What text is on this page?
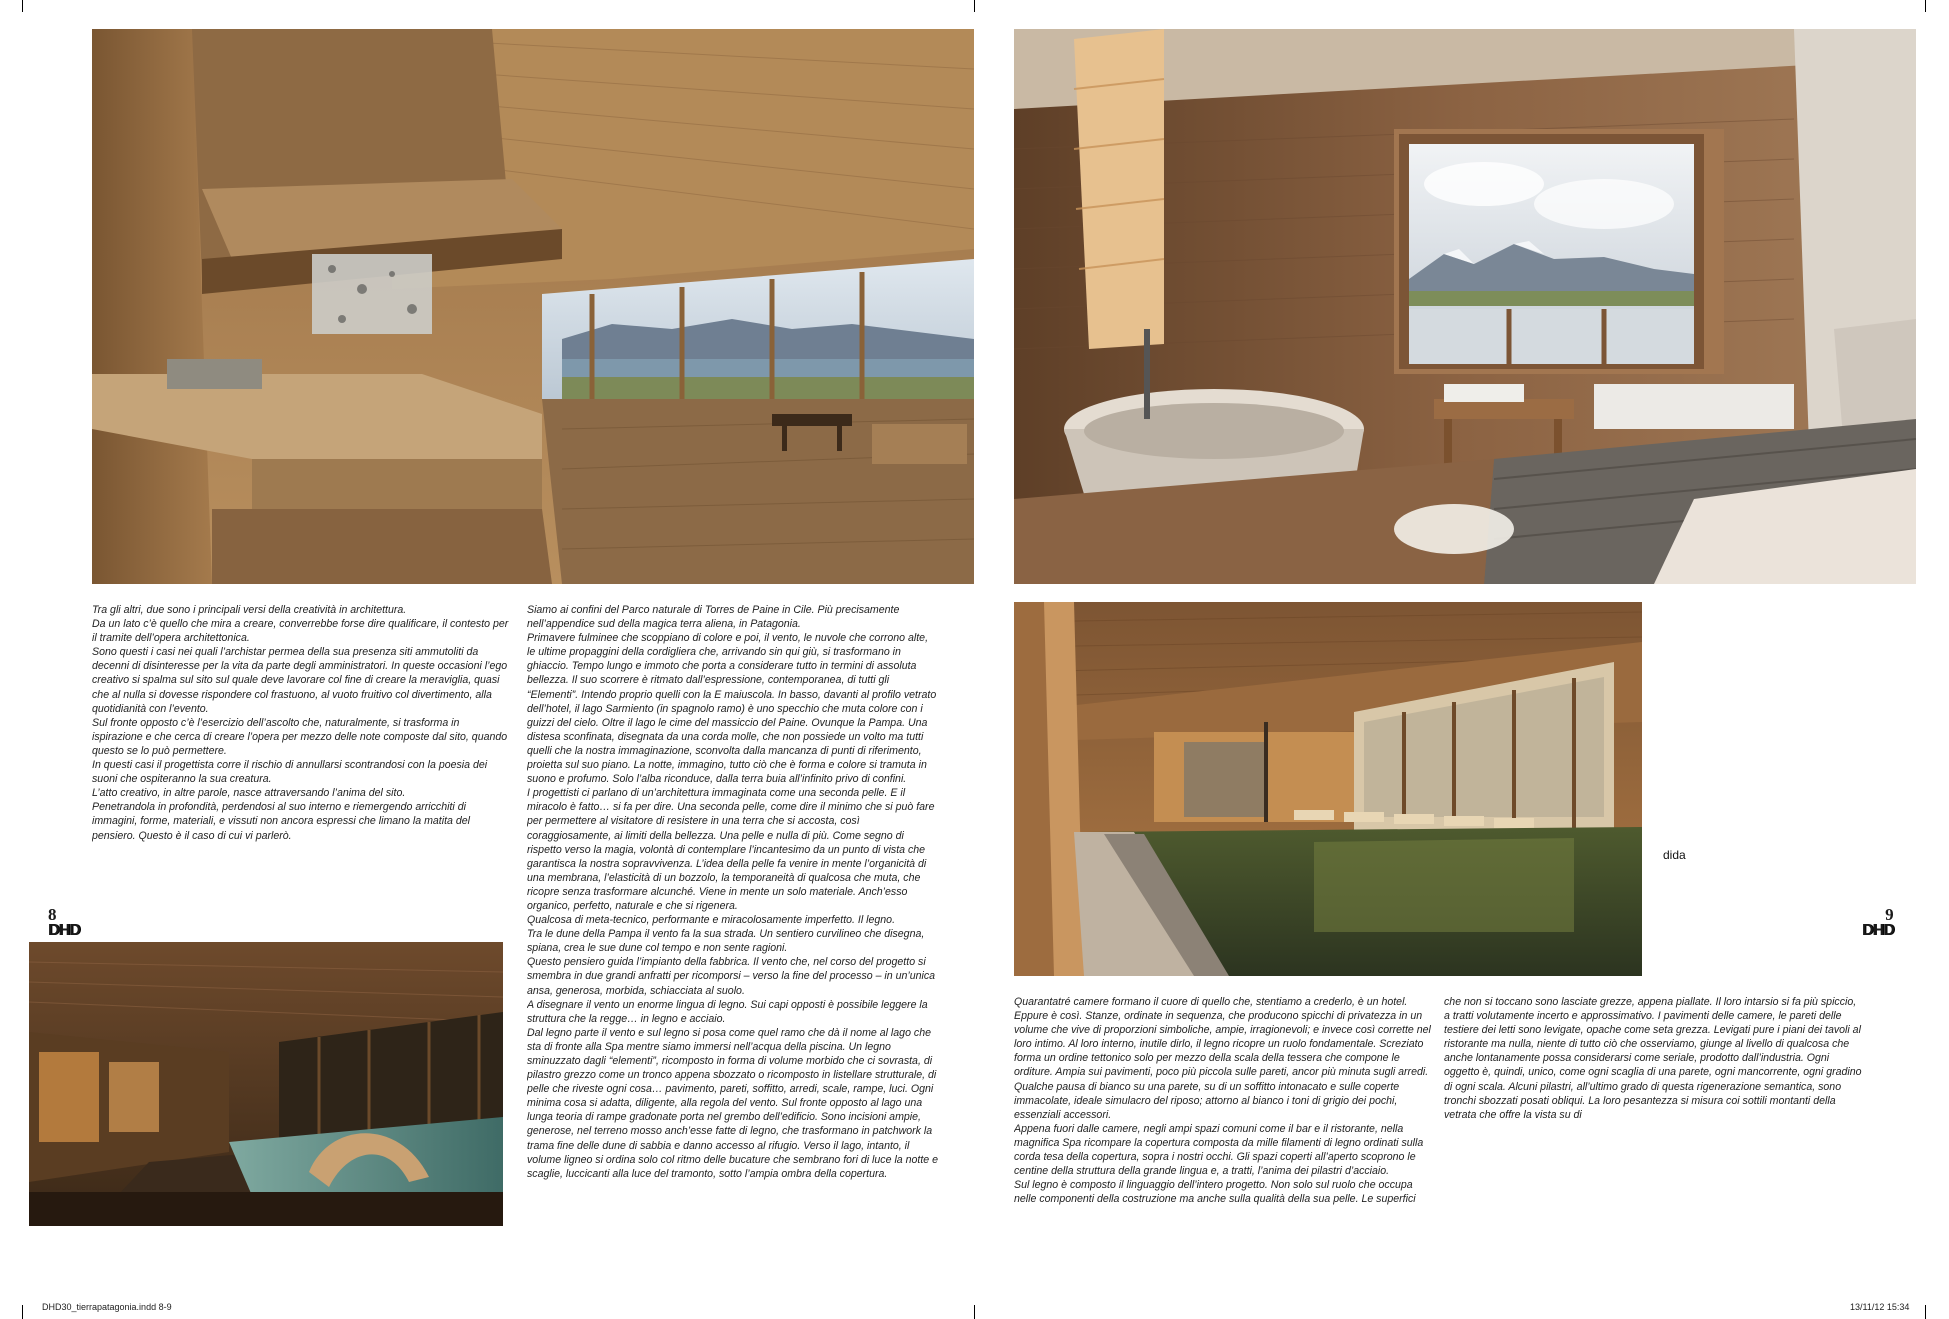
Tra gli altri, due sono i principali versi della creatività in architettura.

Da un lato c’è quello che mira a creare, converrebbe forse dire qualificare, il contesto per il tramite dell’opera architettonica.

Sono questi i casi nei quali l’archistar permea della sua presenza siti ammutoliti da decenni di disinteresse per la vita da parte degli amministratori. In queste occasioni l’ego creativo si spalma sul sito sul quale deve lavorare col fine di creare la meraviglia, quasi che al nulla si dovesse rispondere col frastuono, al vuoto fruitivo col divertimento, alla quotidianità con l’evento.

Sul fronte opposto c’è l’esercizio dell’ascolto che, naturalmente, si trasforma in ispirazione e che cerca di creare l’opera per mezzo delle note composte dal sito, quando questo se lo può permettere.

In questi casi il progettista corre il rischio di annullarsi scontrandosi con la poesia dei suoni che ospiteranno la sua creatura.

L’atto creativo, in altre parole, nasce attraversando l’anima del sito.

Penetrandola in profondità, perdendosi al suo interno e riemergendo arricchiti di immagini, forme, materiali, e vissuti non ancora espressi che limano la matita del pensiero. Questo è il caso di cui vi parlerò.

Siamo ai confini del Parco naturale di Torres de Paine in Cile. Più precisamente nell’appendice sud della magica terra aliena, in Patagonia.

Primavere fulminee che scoppiano di colore e poi, il vento, le nuvole che corrono alte, le ultime propaggini della cordigliera che, arrivando sin qui giù, si trasformano in ghiaccio. Tempo lungo e immoto che porta a considerare tutto in termini di assoluta bellezza. Il suo scorrere è ritmato dall’espressione, contemporanea, di tutti gli “Elementi”. Intendo proprio quelli con la E maiuscola. In basso, davanti al profilo vetrato dell’hotel, il lago Sarmiento (in spagnolo ramo) è uno specchio che muta colore con i guizzi del cielo. Oltre il lago le cime del massiccio del Paine. Ovunque la Pampa. Una distesa sconfinata, disegnata da una corda molle, che non possiede un volto ma tutti quelli che la nostra immaginazione, sconvolta dalla mancanza di punti di riferimento, proietta sul suo piano. La notte, immagino, tutto ciò che è forma e colore si tramuta in suono e profumo. Solo l’alba riconduce, dalla terra buia all’infinito privo di confini.

I progettisti ci parlano di un’architettura immaginata come una seconda pelle. E il miracolo è fatto… si fa per dire. Una seconda pelle, come dire il minimo che si può fare per permettere al visitatore di resistere in una terra che si accosta, così coraggiosamente, ai limiti della bellezza. Una pelle e nulla di più. Come segno di rispetto verso la magia, volontà di contemplare l’incantesimo da un punto di vista che garantisca la nostra sopravvivenza. L’idea della pelle fa venire in mente l’organicità di una membrana, l’elasticità di un bozzolo, la temporaneità di qualcosa che muta, che ricopre senza trasformare alcunché. Viene in mente un solo materiale. Anch’esso organico, perfetto, naturale e che si rigenera.

Qualcosa di meta-tecnico, performante e miracolosamente imperfetto. Il legno.

Tra le dune della Pampa il vento fa la sua strada. Un sentiero curvilineo che disegna, spiana, crea le sue dune col tempo e non sente ragioni.

Questo pensiero guida l’impianto della fabbrica. Il vento che, nel corso del progetto si smembra in due grandi anfratti per ricomporsi – verso la fine del processo – in un’unica ansa, generosa, morbida, schiacciata al suolo.

A disegnare il vento un enorme lingua di legno. Sui capi opposti è possibile leggere la struttura che la regge… in legno e acciaio.

Dal legno parte il vento e sul legno si posa come quel ramo che dà il nome al lago che sta di fronte alla Spa mentre siamo immersi nell’acqua della piscina. Un legno sminuzzato dagli “elementi”, ricomposto in forma di volume morbido che ci sovrasta, di pilastro grezzo come un tronco appena sbozzato o ricomposto in listellare strutturale, di pelle che riveste ogni cosa… pavimento, pareti, soffitto, arredi, scale, rampe, luci. Ogni minima cosa si adatta, diligente, alla regola del vento. Sul fronte opposto al lago una lunga teoria di rampe gradonate porta nel grembo dell’edificio. Sono incisioni ampie, generose, nel terreno mosso anch’esse fatte di legno, che trasformano in patchwork la trama fine delle dune di sabbia e danno accesso al rifugio. Verso il lago, intanto, il volume ligneo si ordina solo col ritmo delle bucature che sembrano fori di luce la notte e scaglie, luccicanti alla luce del tramonto, sotto l’ampia ombra della copertura.

Quarantatré camere formano il cuore di quello che, stentiamo a crederlo, è un hotel. Eppure è così. Stanze, ordinate in sequenza, che producono spicchi di privatezza in un volume che vive di proporzioni simboliche, ampie, irragionevoli; e invece così corrette nel loro intimo. Al loro interno, inutile dirlo, il legno ricopre un ruolo fondamentale. Screziato forma un ordine tettonico solo per mezzo della scala della tessera che compone le orditure. Ampia sui pavimenti, poco più piccola sulle pareti, ancor più minuta sugli arredi. Qualche pausa di bianco su una parete, su di un soffitto intonacato e sulle coperte immacolate, ideale simulacro del riposo; attorno al bianco i toni di grigio dei pochi, essenziali accessori.

Appena fuori dalle camere, negli ampi spazi comuni come il bar e il ristorante, nella magnifica Spa ricompare la copertura composta da mille filamenti di legno ordinati sulla corda tesa della copertura, sopra i nostri occhi. Gli spazi coperti all’aperto scoprono le centine della struttura della grande lingua e, a tratti, l’anima dei pilastri d’acciaio.

Sul legno è composto il linguaggio dell’intero progetto. Non solo sul ruolo che occupa nelle componenti della costruzione ma anche sulla qualità della sua pelle. Le superfici

che non si toccano sono lasciate grezze, appena piallate. Il loro intarsio si fa più spiccio, a tratti volutamente incerto e approssimativo. I pavimenti delle camere, le pareti delle testiere dei letti sono levigate, opache come seta grezza. Levigati pure i piani dei tavoli al ristorante ma nulla, niente di tutto ciò che osserviamo, giunge al livello di qualcosa che anche lontanamente possa considerarsi come seriale, prodotto dall’industria. Ogni oggetto è, quindi, unico, come ogni scaglia di una parete, ogni mancorrente, ogni gradino di ogni scala. Alcuni pilastri, all’ultimo grado di questa rigenerazione semantica, sono tronchi sbozzati posati obliqui. La loro pesantezza si misura coi sottili montanti della vetrata che offre la vista su di

dida
8
DHD
9
DHD
DHD30_tierrapatagonia.indd 8-9	13/11/12 15:34
